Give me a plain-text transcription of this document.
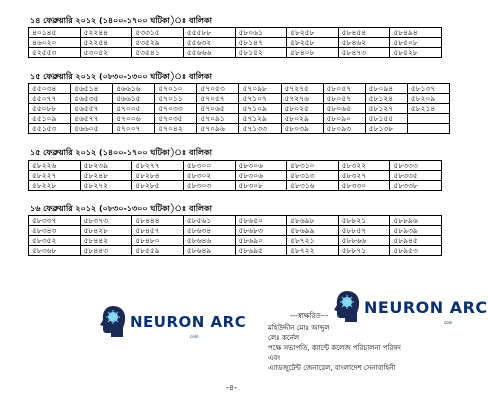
১৪ ফেব্রুয়ারি ২০১২ (১৪০০-১৭০০ ঘটিকা)ঃ বালিকা
৪০১৪৫	৫২২৪৪	৫৩৩১৫	৫৫৫৮৮	৫৮০৬১	৫৮২৫৮	৫৮৪৫৪	৫৮৪৯৪
৪৬০২০	৫২২৫৪	৫৩৫২৯	৫৫৬৩২	৫৮১৪৭	৫৮২৫৮	৫৮৪৬২	৫৮৫০৮
৫২৫৫৩	৫৩০৫২	৫৩৫৪১	৫৫৬৬৬	৫৮১৫২	৫৮৪০৮	৫৮৪৭৩	৫৮৫২৮
১৫ ফেব্রুয়ারি ২০১২ (০৮৩০-১৩০০ ঘটিকা)ঃ বালিকা
৫৫০৩৪	৫৬৫১৪	৫৬৬১৬	৫৭০১০	৫৭০৫৩	৫৭০৯৮	৫৭২৭৫	৫৮০৫৭	৫৮০৯৪	৫৮১৩৭
৫৫০৭৭	৫৬৫৩৫	৫৬৬১৫	৫৭০১১	৫৭০৫৭	৫৭১০৭	৫৭২৭৬	৫৮০৫৭	৫৮১২৪	৫৮২০৯
৫৫০৮৮	৫৬৫৫৭	৫৭০০৫	৫৭০৩৩	৫৭০৬৫	৫৭১০৯	৫৮০২৫	৫৮০৬৫	৫৮১২৭	৫৮২১৪
৫৫১০৯	৫৬৫৭৭	৫৭০০৬	৫৭০৩৫	৫৭০৯১	৫৭১২৯	৫৮০২৯	৫৮০৯০	৫৮১৫৫	
৫৫১৫৩	৫৬৬০৫	৫৭০০৭	৫৭০৪২	৫৭০৯৬	৫৭১৩৩	৫৮০৩৯	৫৮০৯৩	৫৮১৩৮	
১৫ ফেব্রুয়ারি ২০১২ (১৪০০-১৭০০ ঘটিকা)ঃ বালিকা
৫৮২২৬	৫৮২৩৯	৫৮২৭৭	৫৮৩০০	৫৮৩০৬	৫৮৩১০	৫৮৩২২	৫৮৩৩৩
৫৮২২৭	৫৮২৪৮	৫৮২৮৪	৫৮৩০২	৫৮৩০৬	৫৮৩১৩	৫৮৩২৭	৫৮৩৩৫
৫৮২২৮	৫৮২৭২	৫৮২৮৫	৫৮৩০৩	৫৮৩০৮	৫৮৩১৬	৫৮৩৩০	৫৮৩৩৮
১৬ ফেব্রুয়ারি ২০১২ (০৮৩০-১৩০০ ঘটিকা)ঃ বালিকা
৫৮৩৩৭	৫৮৩৭৩	৫৮৪৪৪	৫৮৫৬১	৫৮৬৫০	৫৮৬৯৮	৫৮৮২১	৫৮৮৯৬
৫৮৩৪৩	৫৮৪২৮	৫৮৪৫৭	৫৮৬৩৪	৫৮৬৮৩	৫৮৬৯৯	৫৮৮৫৭	৫৮৯৩৯
৫৮৩৫২	৫৮৪৪২	৫৮৪৮০	৫৮৬৪৬	৫৮৬৯০	৫৮৭২১	৫৮৮৬৬	৫৮৯৪৫
৫৮৩৬৮	৫৮৪৪৩	৫৮৫৫৯	৫৮৬৪৯	৫৮৬৯৫	৫৮৭২২	৫৮৮৭১	৫৮৯৫৩
---স্বাক্ষরিত---
মহিউদ্দীন মোঃ আব্দুল
লেঃ কর্নেল
পক্ষে সভাপতি, ক্যান্টে কলেজ পরিচালনা পরিষদ
এবং
এ্যাডজুটেন্ট জেনারেল, বাংলাদেশ সেনাবাহিনী
NEURON ARC
com
NEURON ARC
com
-৪-
